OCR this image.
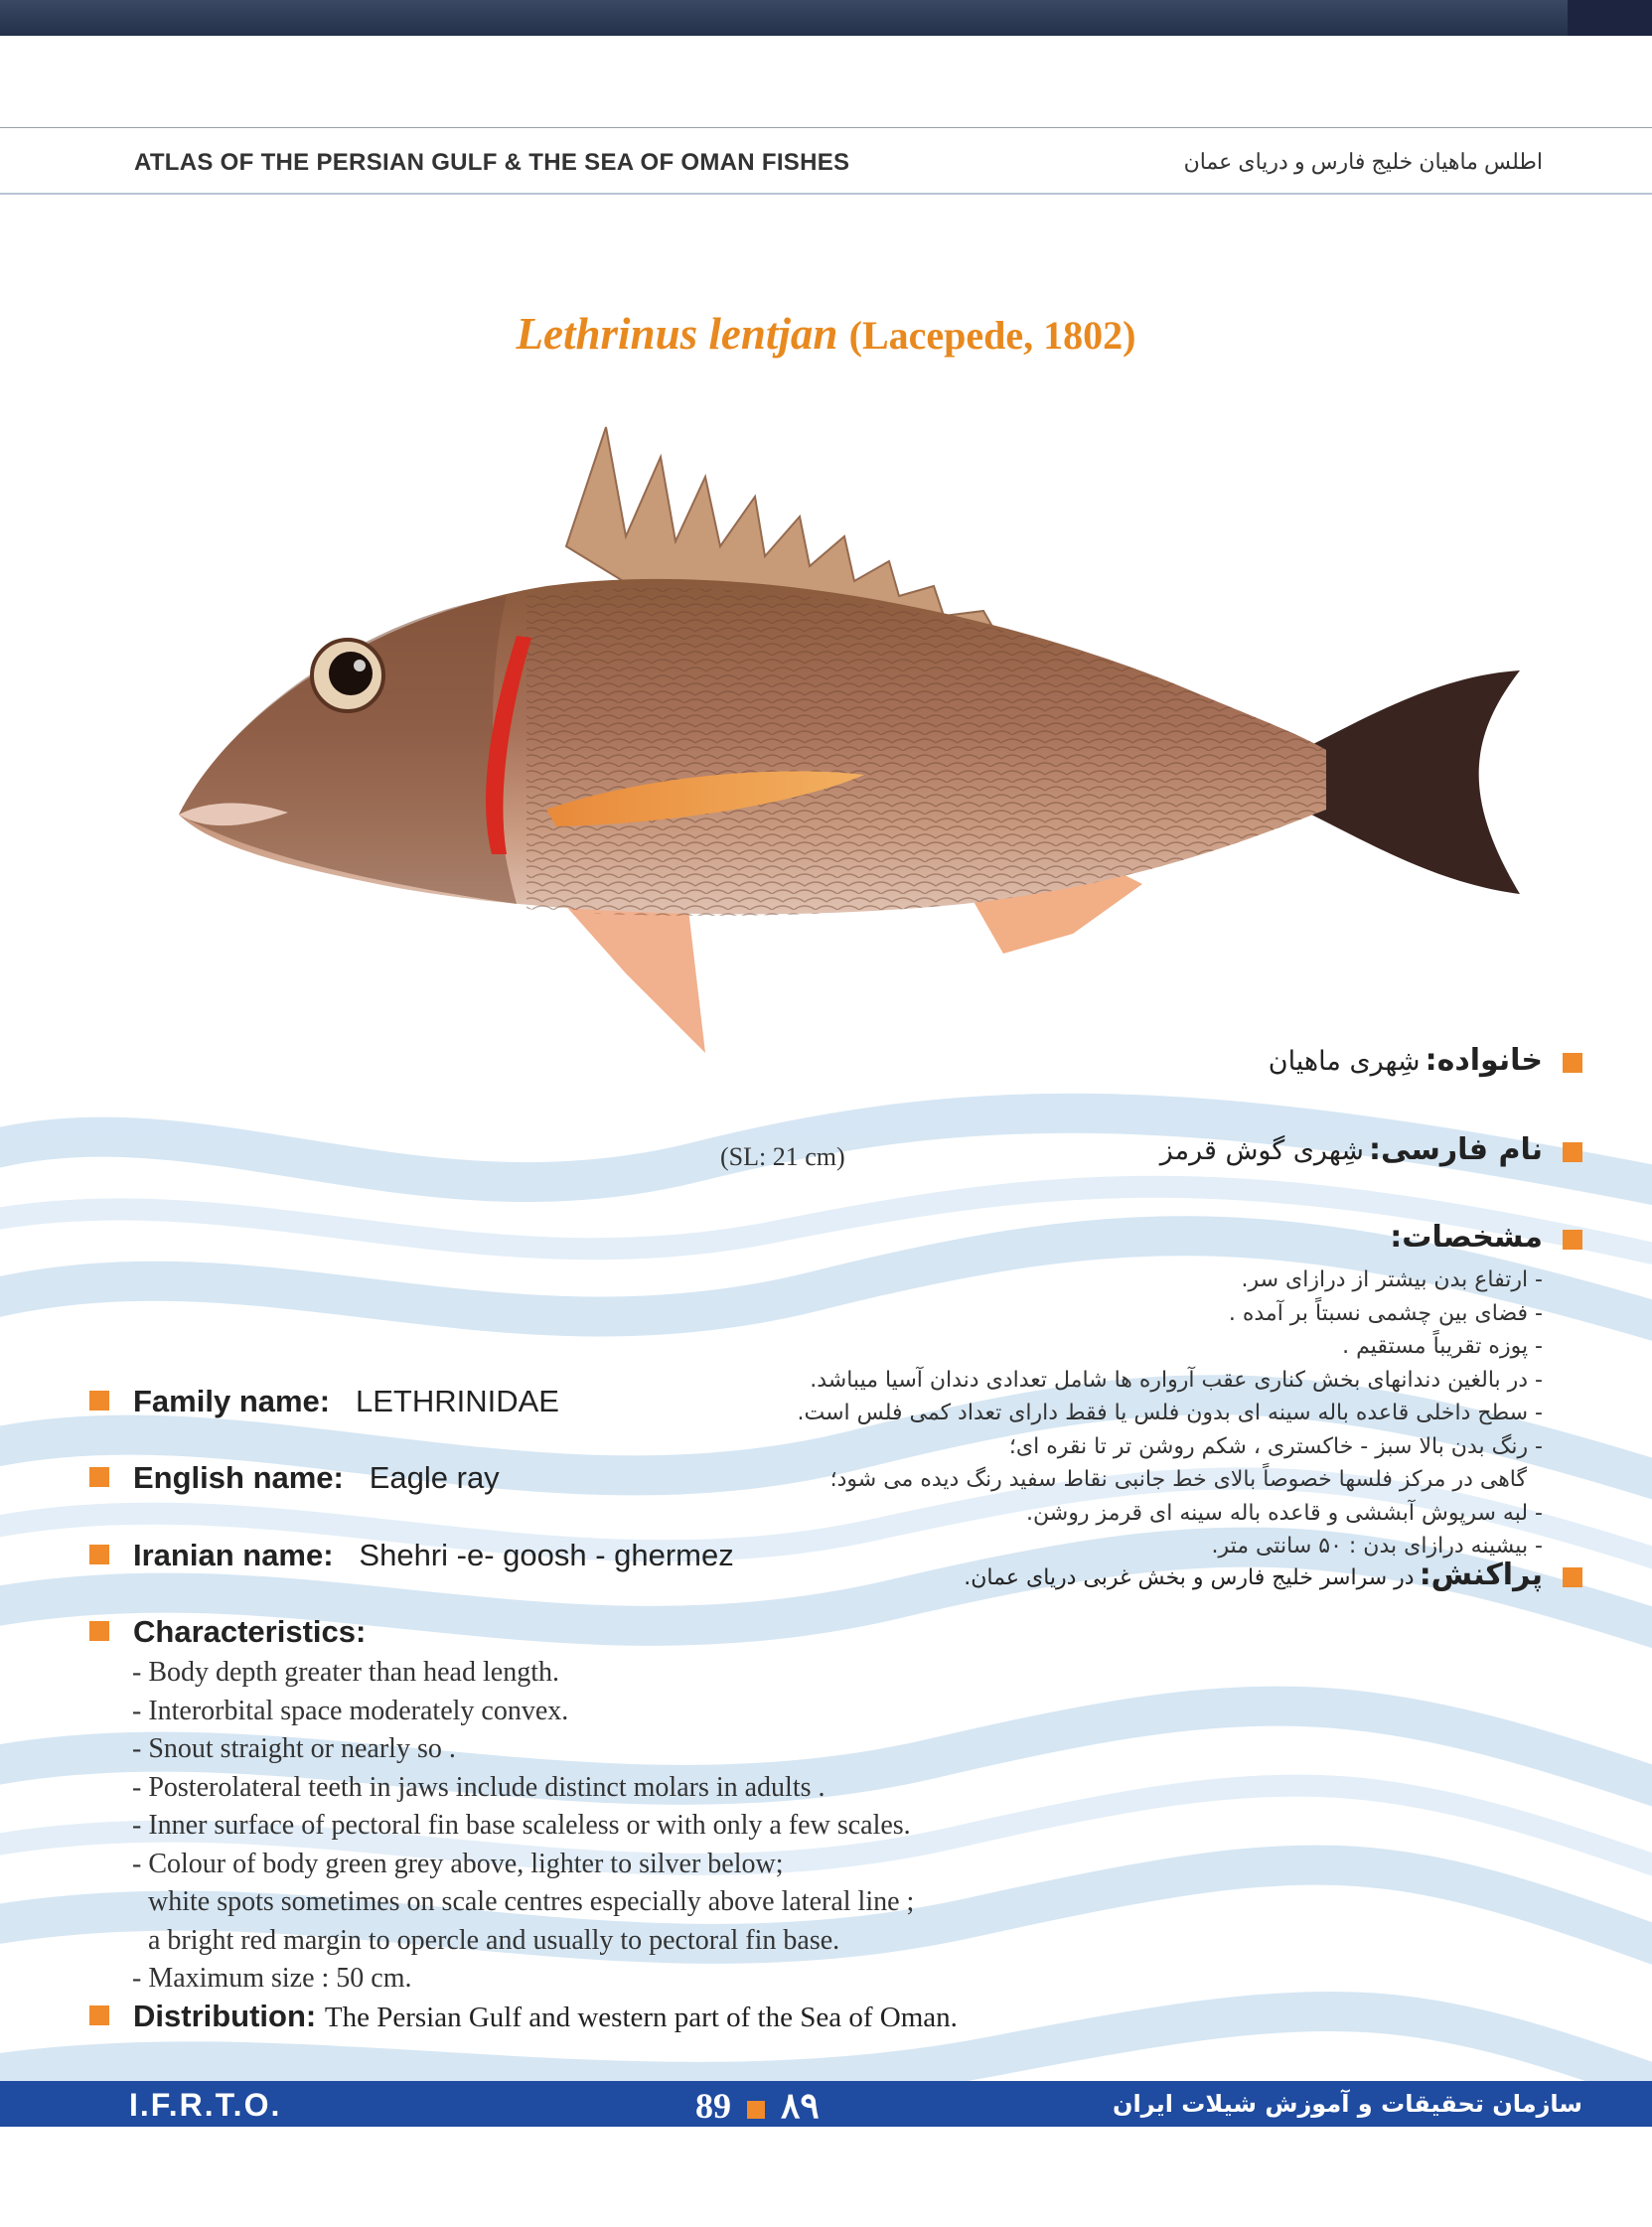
ATLAS OF THE PERSIAN GULF & THE SEA OF OMAN FISHES	اطلس ماهیان خلیج فارس و دریای عمان
Lethrinus lentjan (Lacepede, 1802)
(SL: 21 cm)
Family name: LETHRINIDAE
English name: Eagle ray
Iranian name: Shehri -e- goosh - ghermez
Characteristics:
- Body depth greater than head length.
- Interorbital space moderately convex.
- Snout straight or nearly so .
- Posterolateral teeth in jaws include distinct molars in adults .
- Inner surface of pectoral fin base scaleless or with only a few scales.
- Colour of body green grey above, lighter to silver below;
white spots sometimes on scale centres especially above lateral line ;
a bright red margin to opercle and usually to pectoral fin base.
- Maximum size : 50 cm.
Distribution: The Persian Gulf and western part of the Sea of Oman.
خانواده: شِهری ماهیان
نام فارسی: شِهری گوش قرمز
مشخصات:
- ارتفاع بدن بیشتر از درازای سر.
- فضای بین چشمی نسبتاً بر آمده .
- پوزه تقریباً مستقیم .
- در بالغین دندانهای بخش کناری عقب آرواره ها شامل تعدادی دندان آسیا میباشد.
- سطح داخلی قاعده باله سینه ای بدون فلس یا فقط دارای تعداد کمی فلس است.
- رنگ بدن بالا سبز - خاکستری ، شکم روشن تر تا نقره ای؛
گاهی در مرکز فلسها خصوصاً بالای خط جانبی نقاط سفید رنگ دیده می شود؛
- لبه سرپوش آبششی و قاعده باله سینه ای قرمز روشن.
- بیشینه درازای بدن : ۵۰ سانتی متر.
پراکنش: در سراسر خلیج فارس و بخش غربی دریای عمان.
I.F.R.T.O.	89 ۸۹	سازمان تحقیقات و آموزش شیلات ایران
